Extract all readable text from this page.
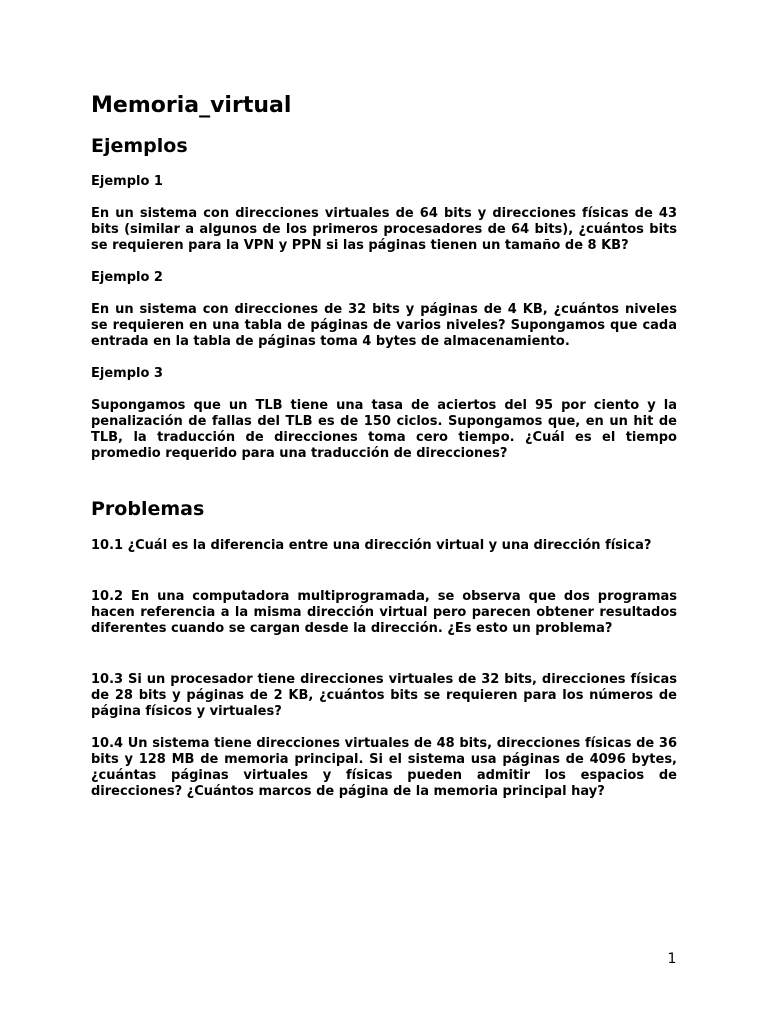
Memoria_virtual
Ejemplos

Ejemplo 1

En un sistema con direcciones virtuales de 64 bits y direcciones físicas de 43 bits (similar a algunos de los primeros procesadores de 64 bits), ¿cuántos bits se requieren para la VPN y PPN si las páginas tienen un tamaño de 8 KB?

Ejemplo 2

En un sistema con direcciones de 32 bits y páginas de 4 KB, ¿cuántos niveles se requieren en una tabla de páginas de varios niveles? Supongamos que cada entrada en la tabla de páginas toma 4 bytes de almacenamiento.

Ejemplo 3

Supongamos que un TLB tiene una tasa de aciertos del 95 por ciento y la penalización de fallas del TLB es de 150 ciclos. Supongamos que, en un hit de TLB, la traducción de direcciones toma cero tiempo. ¿Cuál es el tiempo promedio requerido para una traducción de direcciones?

Problemas

10.1 ¿Cuál es la diferencia entre una dirección virtual y una dirección física?

10.2 En una computadora multiprogramada, se observa que dos programas hacen referencia a la misma dirección virtual pero parecen obtener resultados diferentes cuando se cargan desde la dirección. ¿Es esto un problema?

10.3 Si un procesador tiene direcciones virtuales de 32 bits, direcciones físicas de 28 bits y páginas de 2 KB, ¿cuántos bits se requieren para los números de página físicos y virtuales?

10.4 Un sistema tiene direcciones virtuales de 48 bits, direcciones físicas de 36 bits y 128 MB de memoria principal. Si el sistema usa páginas de 4096 bytes, ¿cuántas páginas virtuales y físicas pueden admitir los espacios de direcciones? ¿Cuántos marcos de página de la memoria principal hay?

1
